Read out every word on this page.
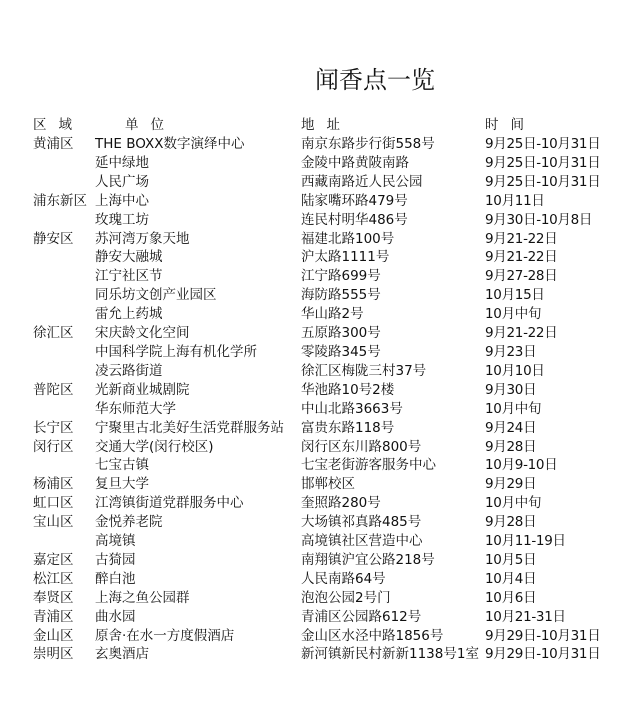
闻香点一览
区域	单位	地址	时间
黄浦区	THE BOXX数字演绎中心	南京东路步行街558号	9月25日-10月31日
	延中绿地	金陵中路黄陂南路	9月25日-10月31日
	人民广场	西藏南路近人民公园	9月25日-10月31日
浦东新区	上海中心	陆家嘴环路479号	10月11日
	玫瑰工坊	连民村明华486号	9月30日-10月8日
静安区	苏河湾万象天地	福建北路100号	9月21-22日
	静安大融城	沪太路1111号	9月21-22日
	江宁社区节	江宁路699号	9月27-28日
	同乐坊文创产业园区	海防路555号	10月15日
	雷允上药城	华山路2号	10月中旬
徐汇区	宋庆龄文化空间	五原路300号	9月21-22日
	中国科学院上海有机化学所	零陵路345号	9月23日
	凌云路街道	徐汇区梅陇三村37号	10月10日
普陀区	光新商业城剧院	华池路10号2楼	9月30日
	华东师范大学	中山北路3663号	10月中旬
长宁区	宁聚里古北美好生活党群服务站	富贵东路118号	9月24日
闵行区	交通大学(闵行校区)	闵行区东川路800号	9月28日
	七宝古镇	七宝老街游客服务中心	10月9-10日
杨浦区	复旦大学	邯郸校区	9月29日
虹口区	江湾镇街道党群服务中心	奎照路280号	10月中旬
宝山区	金悦养老院	大场镇祁真路485号	9月28日
	高境镇	高境镇社区营造中心	10月11-19日
嘉定区	古猗园	南翔镇沪宜公路218号	10月5日
松江区	醉白池	人民南路64号	10月4日
奉贤区	上海之鱼公园群	泡泡公园2号门	10月6日
青浦区	曲水园	青浦区公园路612号	10月21-31日
金山区	原舍·在水一方度假酒店	金山区水泾中路1856号	9月29日-10月31日
崇明区	玄奥酒店	新河镇新民村新新1138号1室	9月29日-10月31日
